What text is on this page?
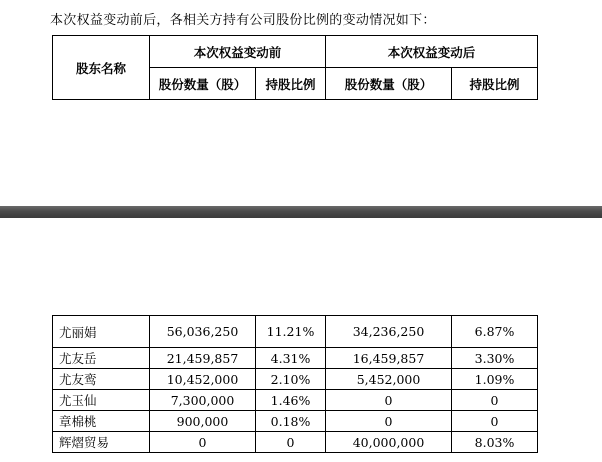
本次权益变动前后，各相关方持有公司股份比例的变动情况如下：
股东名称	本次权益变动前		本次权益变动后	
	股份数量（股）	持股比例	股份数量（股）	持股比例
尤丽娟	56,036,250	11.21%	34,236,250	6.87%
尤友岳	21,459,857	4.31%	16,459,857	3.30%
尤友鸾	10,452,000	2.10%	5,452,000	1.09%
尤玉仙	7,300,000	1.46%	0	0
章棉桃	900,000	0.18%	0	0
辉熠贸易	0	0	40,000,000	8.03%
